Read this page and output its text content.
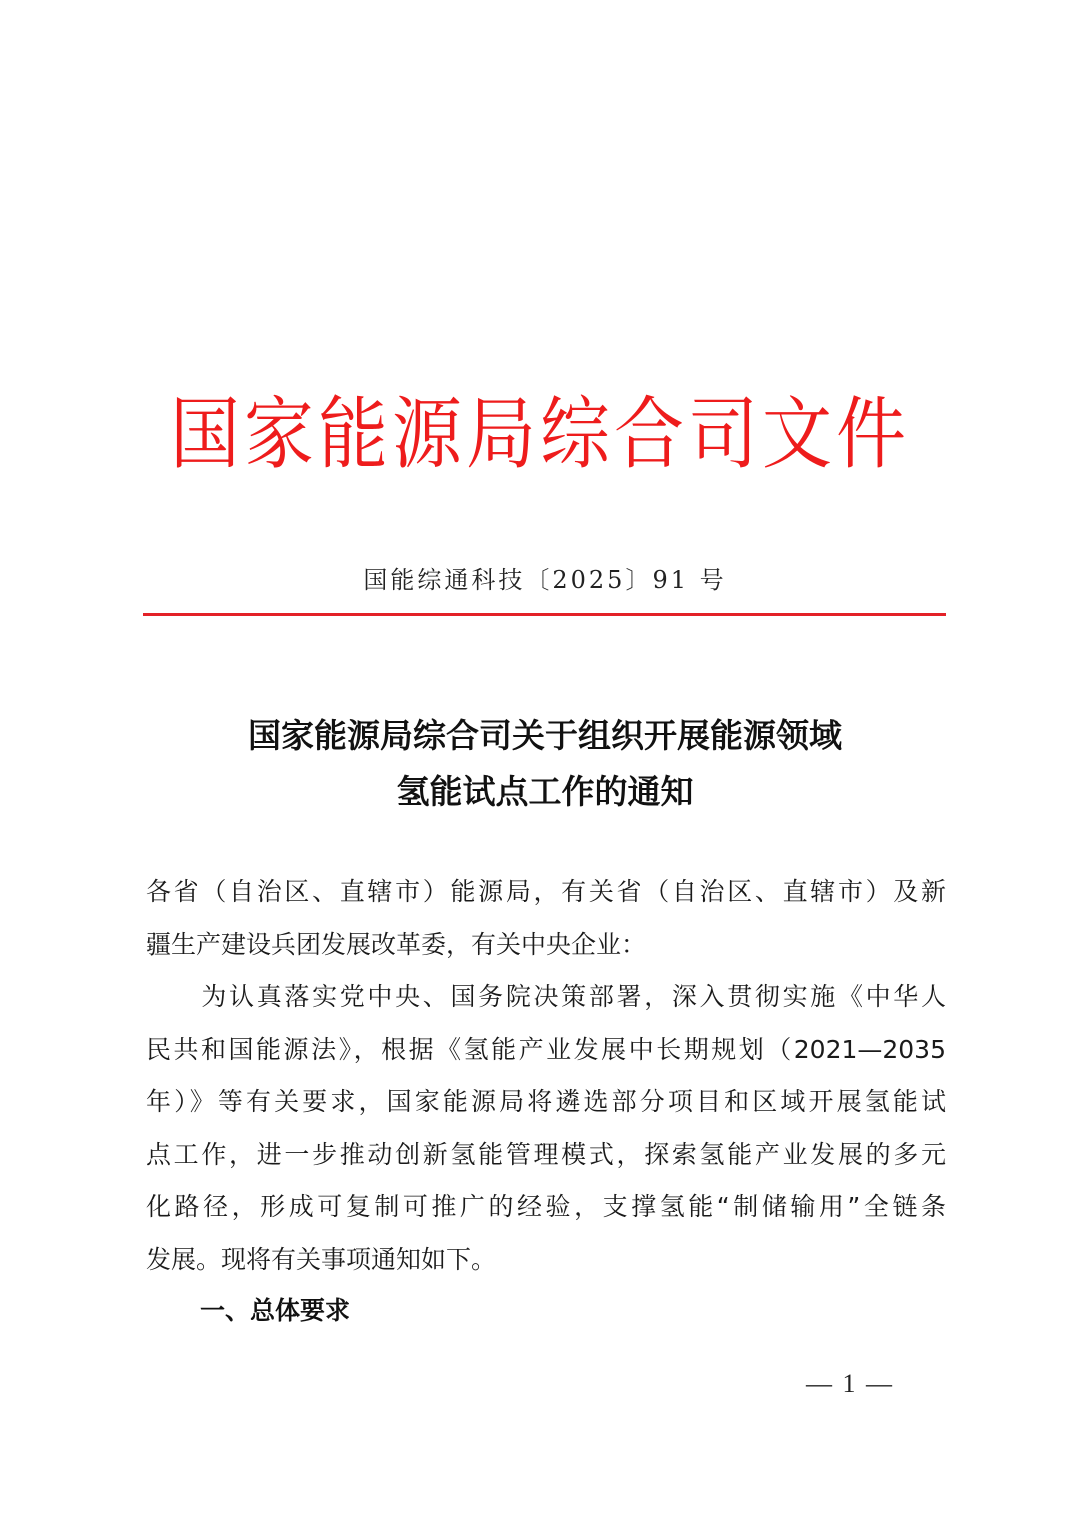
国家能源局综合司文件
国能综通科技〔2025〕91 号
国家能源局综合司关于组织开展能源领域
氢能试点工作的通知
各省（自治区、直辖市）能源局，有关省（自治区、直辖市）及新
疆生产建设兵团发展改革委，有关中央企业：
　　为认真落实党中央、国务院决策部署，深入贯彻实施《中华人
民共和国能源法》，根据《氢能产业发展中长期规划（2021—2035
年）》等有关要求，国家能源局将遴选部分项目和区域开展氢能试
点工作，进一步推动创新氢能管理模式，探索氢能产业发展的多元
化路径，形成可复制可推广的经验，支撑氢能“制储输用”全链条
发展。现将有关事项通知如下。
一、总体要求
— 1 —
